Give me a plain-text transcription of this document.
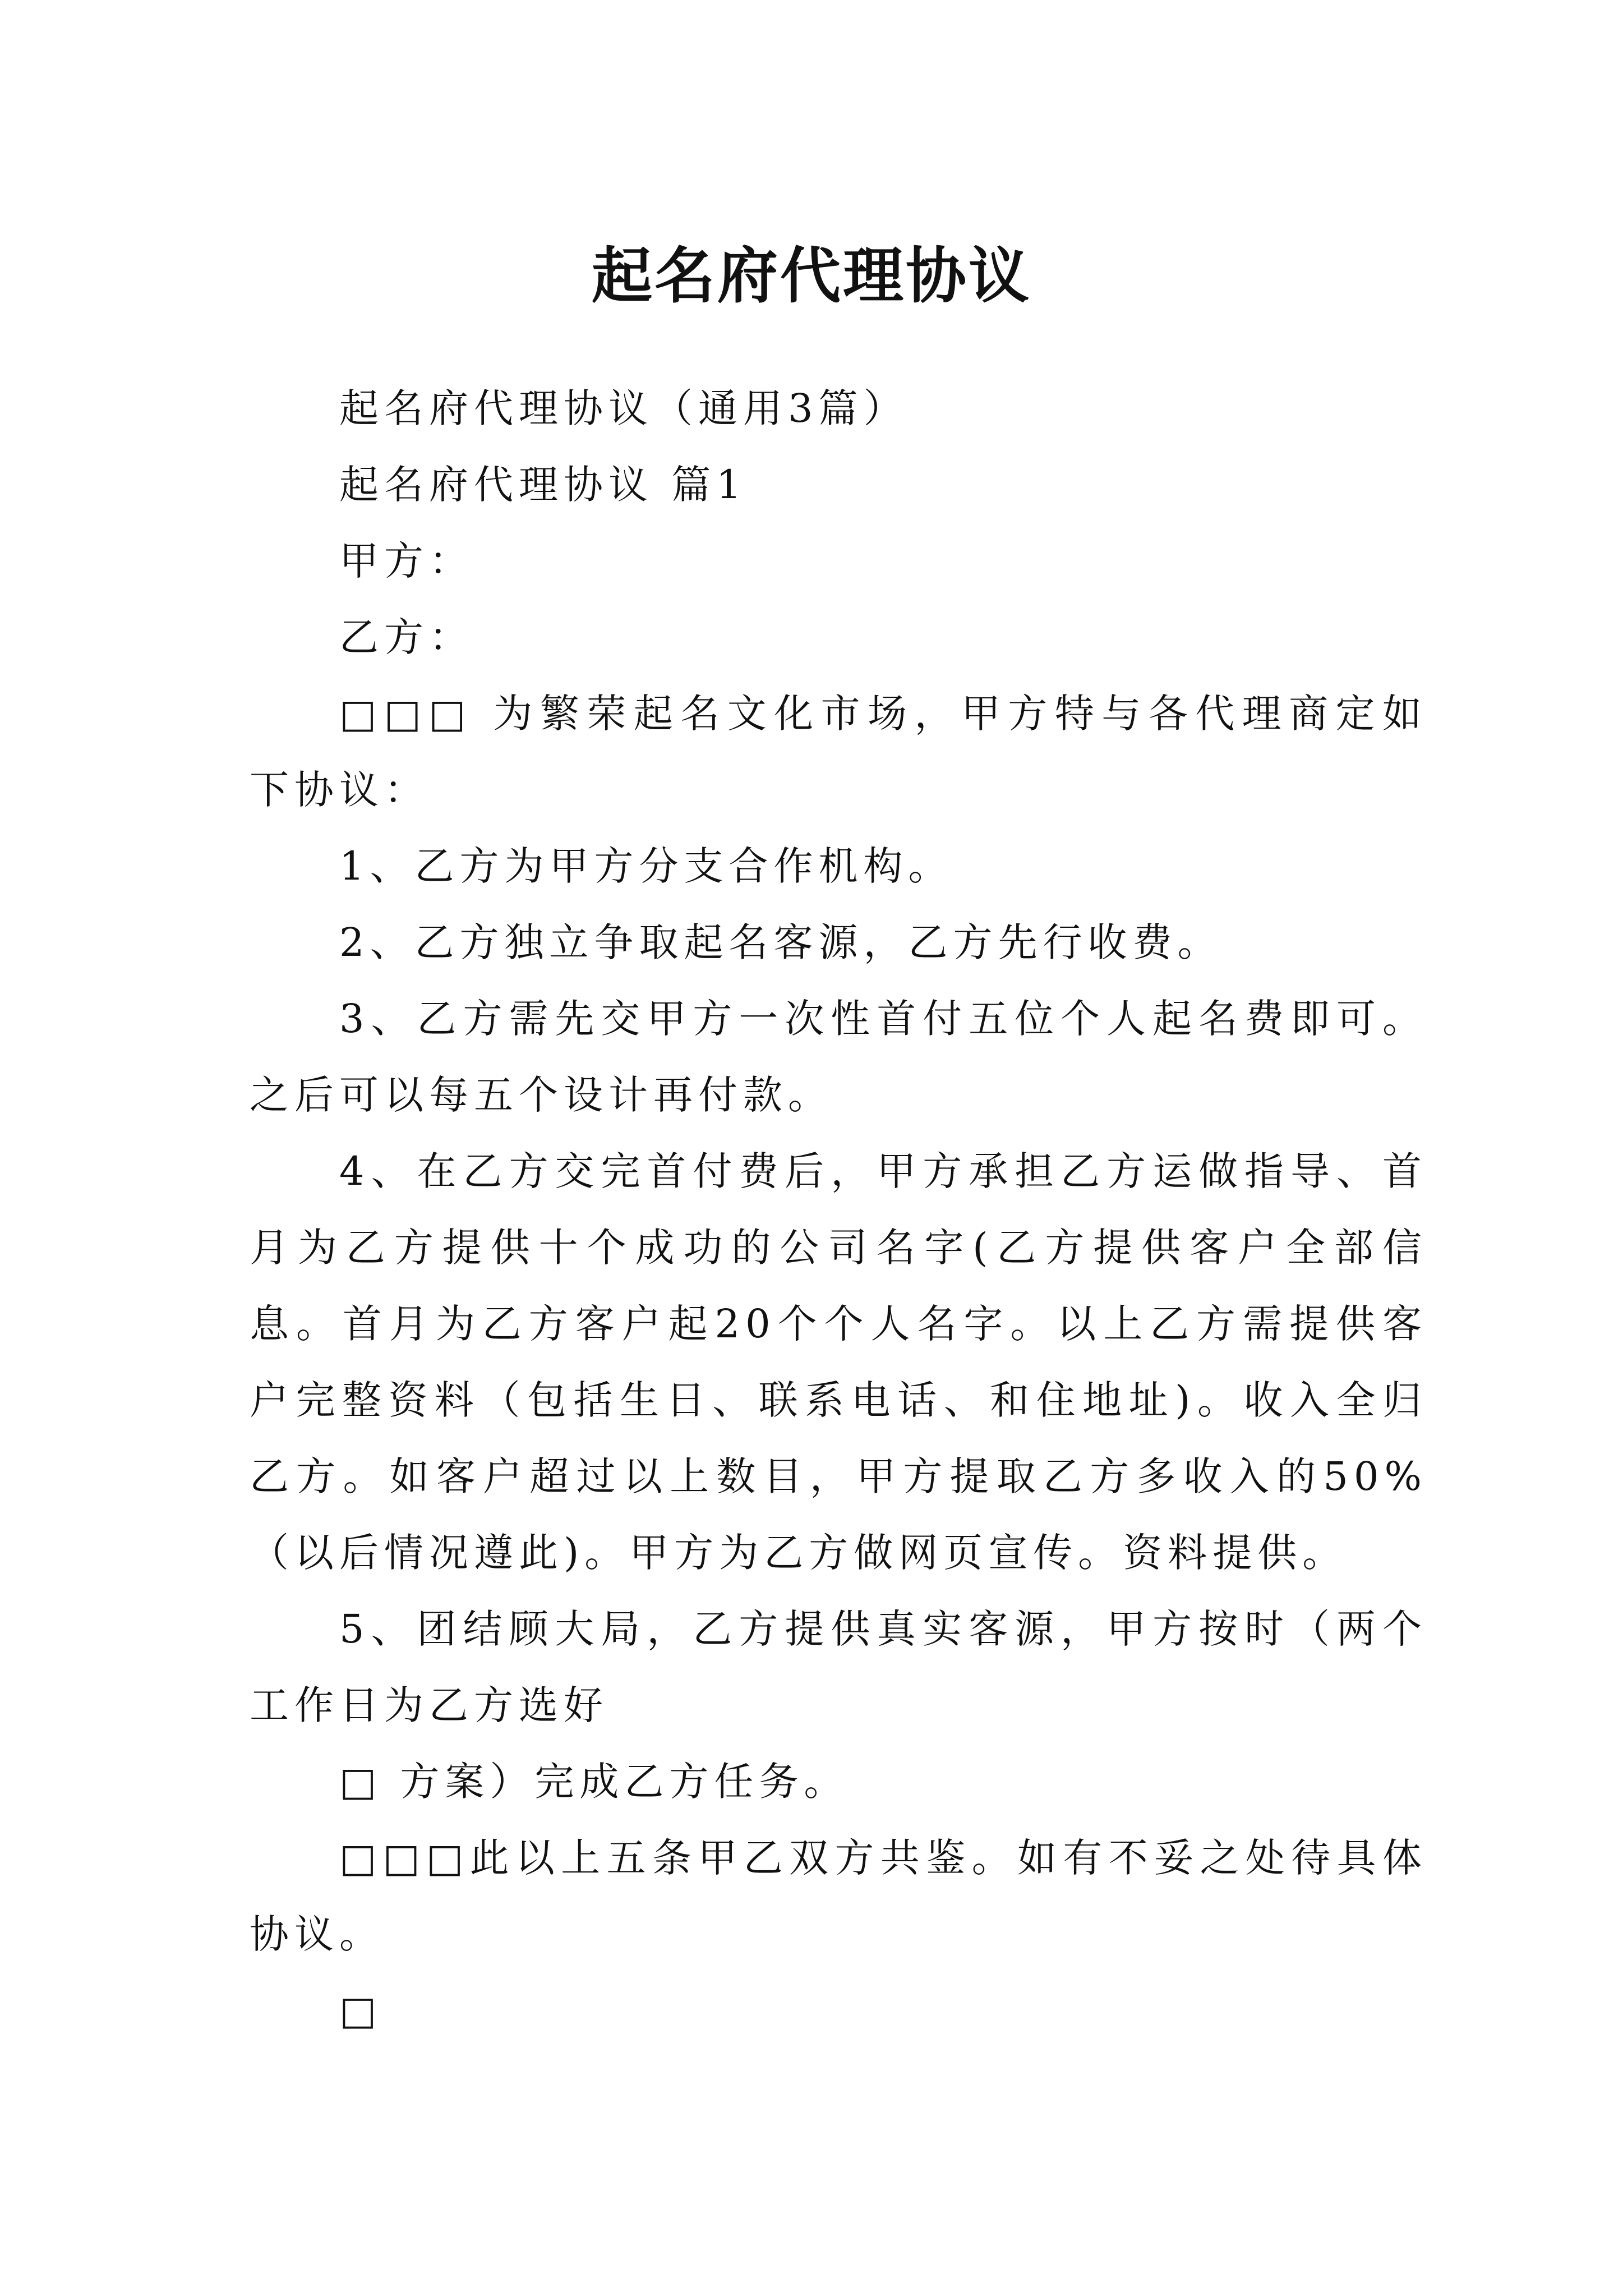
起名府代理协议

起名府代理协议（通用3篇）

起名府代理协议 篇1

甲方：

乙方：

□□□ 为繁荣起名文化市场，甲方特与各代理商定如下协议：

1、乙方为甲方分支合作机构。

2、乙方独立争取起名客源，乙方先行收费。

3、乙方需先交甲方一次性首付五位个人起名费即可。之后可以每五个设计再付款。

4、在乙方交完首付费后，甲方承担乙方运做指导、首月为乙方提供十个成功的公司名字(乙方提供客户全部信息。首月为乙方客户起20个个人名字。以上乙方需提供客户完整资料（包括生日、联系电话、和住地址)。收入全归乙方。如客户超过以上数目，甲方提取乙方多收入的50%（以后情况遵此)。甲方为乙方做网页宣传。资料提供。

5、团结顾大局，乙方提供真实客源，甲方按时（两个工作日为乙方选好

□ 方案）完成乙方任务。

□□□此以上五条甲乙双方共鉴。如有不妥之处待具体协议。

□
